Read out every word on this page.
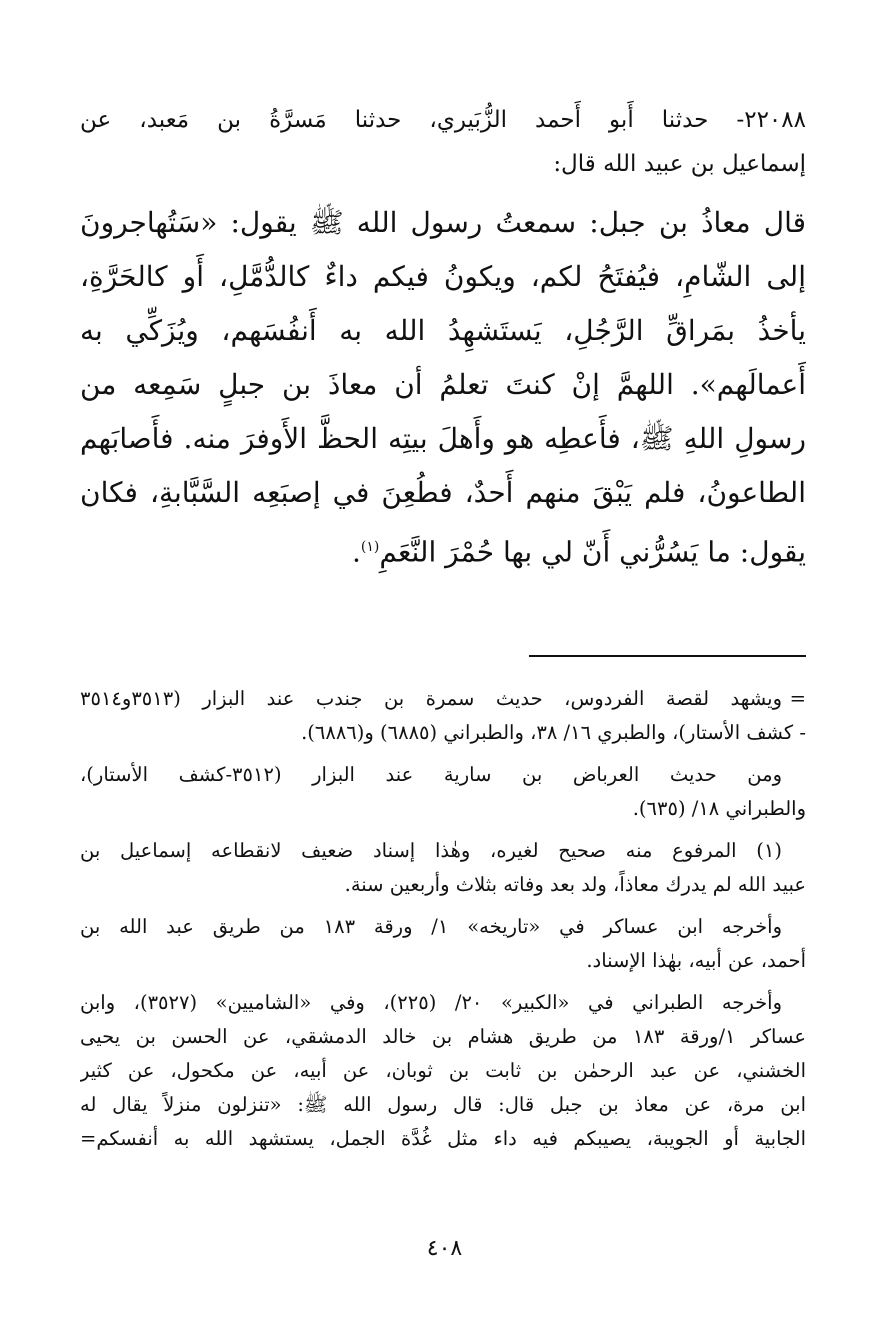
٢٢٠٨٨- حدثنا أَبو أَحمد الزُّبَيري، حدثنا مَسرَّةُ بن مَعبد، عن
إسماعيل بن عبيد الله قال:
قال معاذُ بن جبل: سمعتُ رسول الله ﷺ يقول: «سَتُهاجرونَ
إلى الشّامِ، فيُفتَحُ لكم، ويكونُ فيكم داءٌ كالدُّمَّلِ، أَو كالحَرَّةِ،
يأخذُ بمَراقِّ الرَّجُلِ، يَستَشهِدُ الله به أَنفُسَهم، ويُزَكِّي به
أَعمالَهم». اللهمَّ إنْ كنتَ تعلمُ أن معاذَ بن جبلٍ سَمِعه من
رسولِ اللهِ ﷺ، فأَعطِه هو وأَهلَ بيتِه الحظَّ الأَوفرَ منه. فأَصابَهم
الطاعونُ، فلم يَبْقَ منهم أَحدٌ، فطُعِنَ في إصبَعِه السَّبَّابةِ، فكان
يقول: ما يَسُرُّني أَنّ لي بها حُمْرَ النَّعَمِ$^{(١)}$.
=
ويشهد لقصة الفردوس، حديث سمرة بن جندب عند البزار (٣٥١٣و٣٥١٤
- كشف الأستار)، والطبري ١٦/ ٣٨، والطبراني (٦٨٨٥) و(٦٨٨٦).
ومن حديث العرباض بن سارية عند البزار (٣٥١٢-كشف الأستار)،
والطبراني ١٨/ (٦٣٥).
(١) المرفوع منه صحيح لغيره، وهٰذا إسناد ضعيف لانقطاعه إسماعيل بن
عبيد الله لم يدرك معاذاً، ولد بعد وفاته بثلاث وأربعين سنة.
وأخرجه ابن عساكر في «تاريخه» ١/ ورقة ١٨٣ من طريق عبد الله بن
أحمد، عن أبيه، بهٰذا الإسناد.
وأخرجه الطبراني في «الكبير» ٢٠/ (٢٢٥)، وفي «الشاميين» (٣٥٢٧)، وابن
عساكر ١/ورقة ١٨٣ من طريق هشام بن خالد الدمشقي، عن الحسن بن يحيى
الخشني، عن عبد الرحمٰن بن ثابت بن ثوبان، عن أبيه، عن مكحول، عن كثير
ابن مرة، عن معاذ بن جبل قال: قال رسول الله ﷺ: «تنزلون منزلاً يقال له
الجابية أو الجويبة، يصيبكم فيه داء مثل غُدَّة الجمل، يستشهد الله به أنفسكم=
٤٠٨
